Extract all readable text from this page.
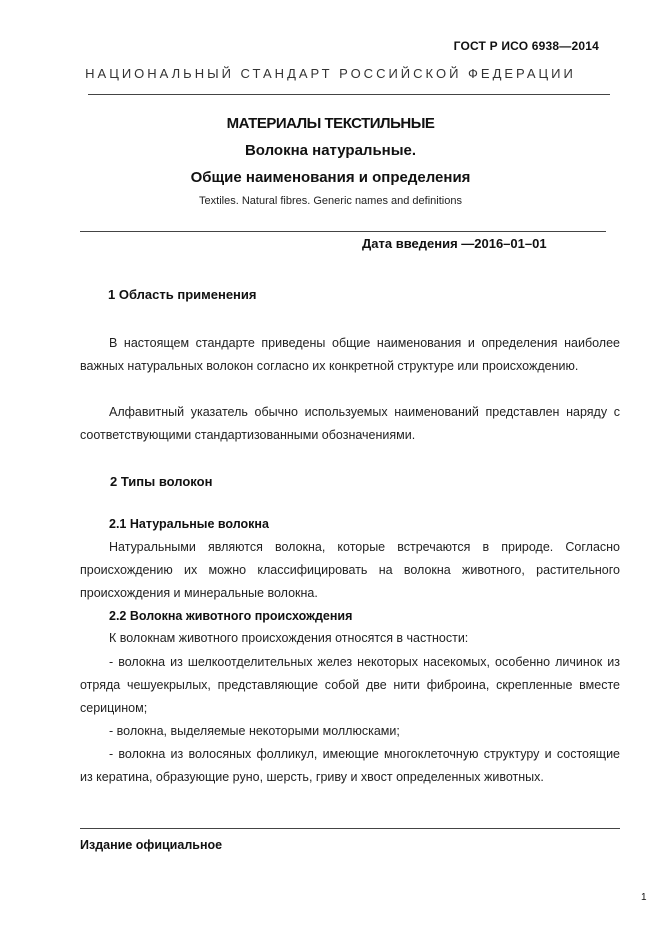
ГОСТ Р ИСО 6938—2014
НАЦИОНАЛЬНЫЙ СТАНДАРТ РОССИЙСКОЙ ФЕДЕРАЦИИ
МАТЕРИАЛЫ ТЕКСТИЛЬНЫЕ
Волокна натуральные.
Общие наименования и определения
Textiles. Natural fibres. Generic names and definitions
Дата введения —2016–01–01
1 Область применения
В настоящем стандарте приведены общие наименования и определения наиболее важных натуральных волокон согласно их конкретной структуре или происхождению.
Алфавитный указатель обычно используемых наименований представлен наряду с соответствующими стандартизованными обозначениями.
2 Типы волокон
2.1 Натуральные волокна
Натуральными являются волокна, которые встречаются в природе. Согласно происхождению их можно классифицировать на волокна животного, растительного происхождения и минеральные волокна.
2.2 Волокна животного происхождения
К волокнам животного происхождения относятся в частности:
- волокна из шелкоотделительных желез некоторых насекомых, особенно личинок из отряда чешуекрылых, представляющие собой две нити фиброина, скрепленные вместе серицином;
- волокна, выделяемые некоторыми моллюсками;
- волокна из волосяных фолликул, имеющие многоклеточную структуру и состоящие из кератина, образующие руно, шерсть, гриву и хвост определенных животных.
Издание официальное
1
